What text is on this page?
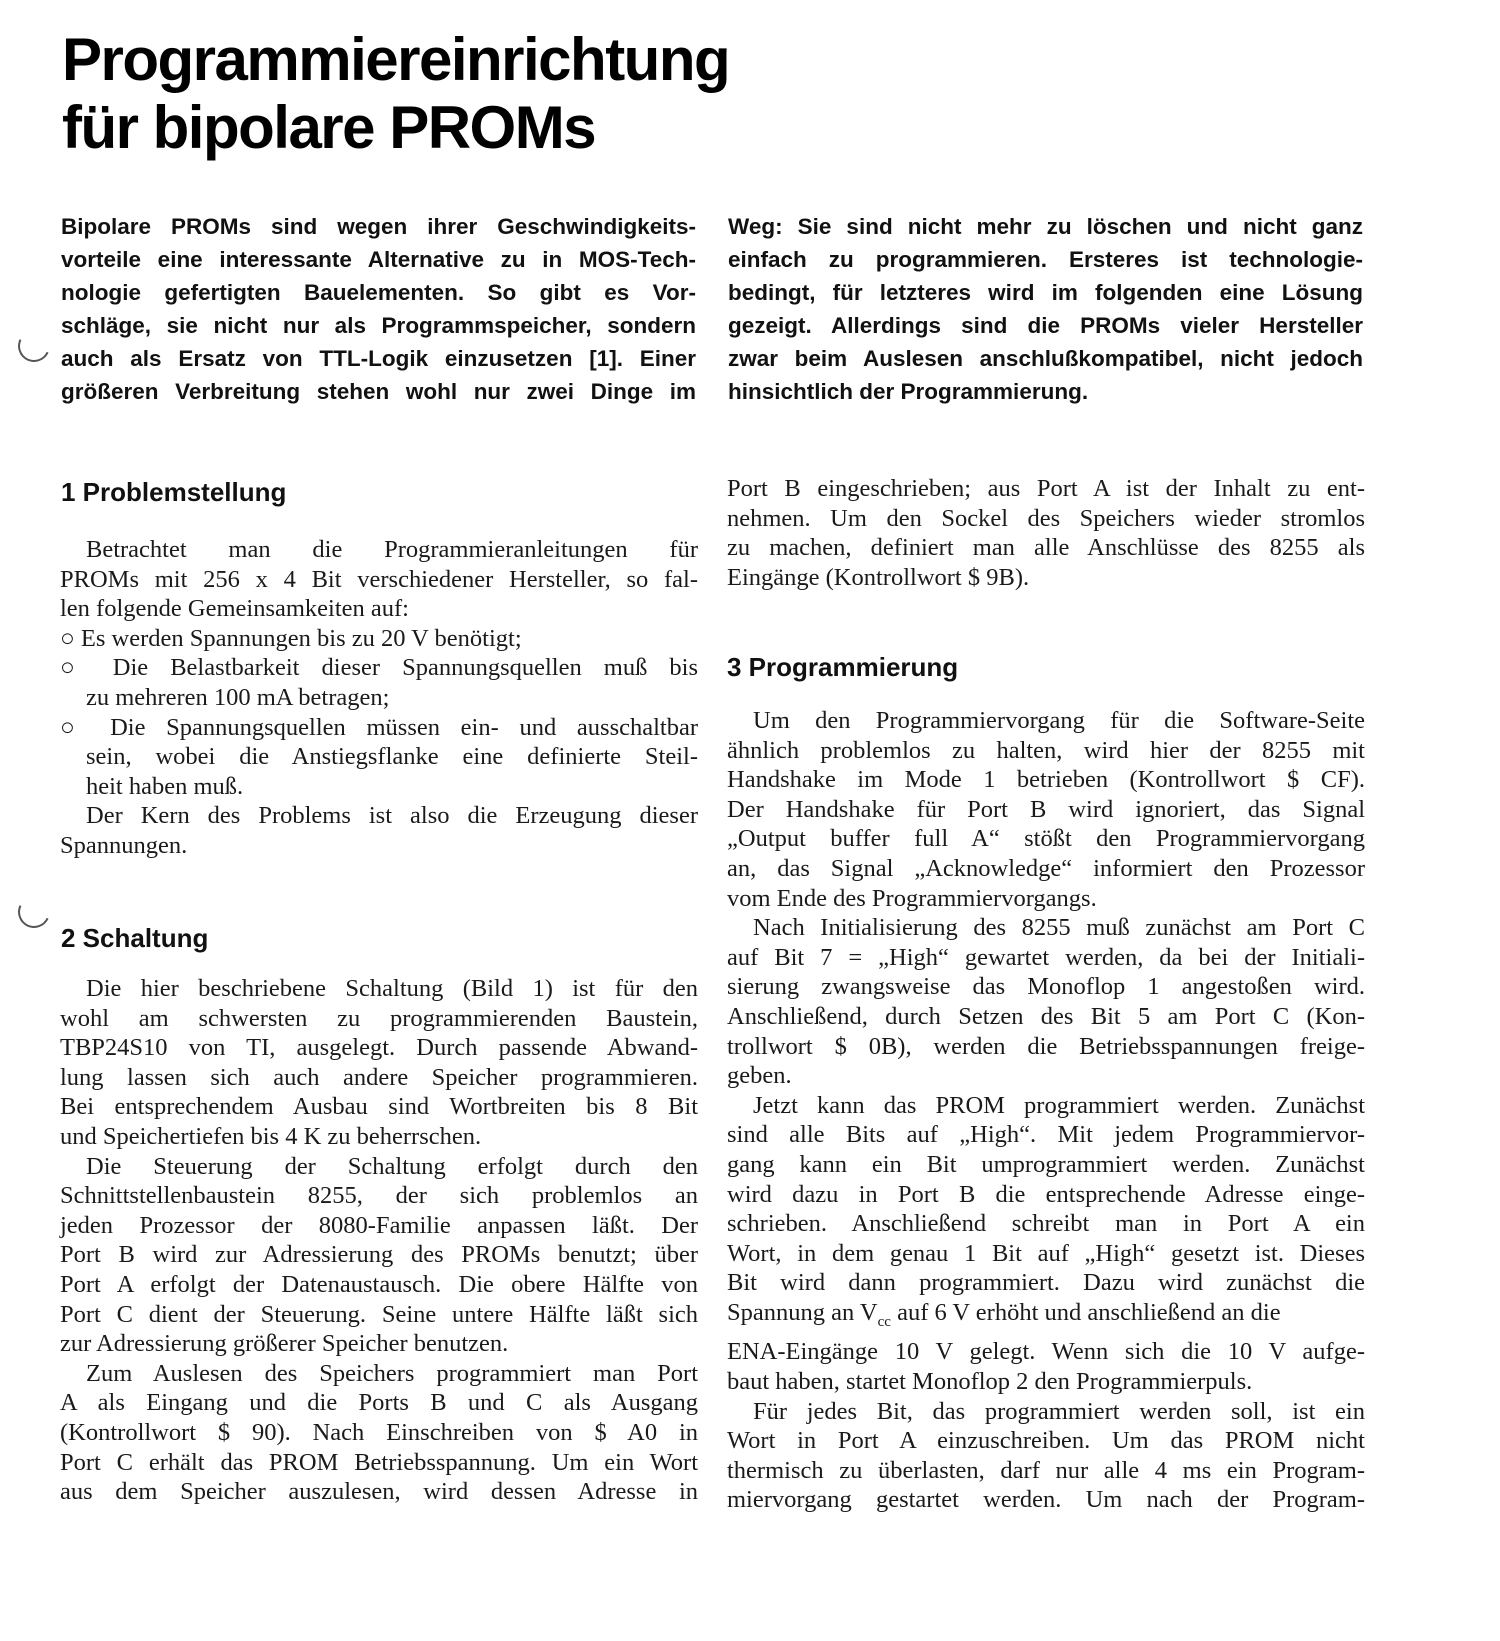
Programmiereinrichtung
für bipolare PROMs
Bipolare PROMs sind wegen ihrer Geschwindigkeits-
vorteile eine interessante Alternative zu in MOS-Tech-
nologie gefertigten Bauelementen. So gibt es Vor-
schläge, sie nicht nur als Programmspeicher, sondern
auch als Ersatz von TTL-Logik einzusetzen [1]. Einer
größeren Verbreitung stehen wohl nur zwei Dinge im
Weg: Sie sind nicht mehr zu löschen und nicht ganz
einfach zu programmieren. Ersteres ist technologie-
bedingt, für letzteres wird im folgenden eine Lösung
gezeigt. Allerdings sind die PROMs vieler Hersteller
zwar beim Auslesen anschlußkompatibel, nicht jedoch
hinsichtlich der Programmierung.
1 Problemstellung
Betrachtet man die Programmieranleitungen für
PROMs mit 256 x 4 Bit verschiedener Hersteller, so fal-
len folgende Gemeinsamkeiten auf:
○ Es werden Spannungen bis zu 20 V benötigt;
○ Die Belastbarkeit dieser Spannungsquellen muß bis
zu mehreren 100 mA betragen;
○ Die Spannungsquellen müssen ein- und ausschaltbar
sein, wobei die Anstiegsflanke eine definierte Steil-
heit haben muß.
Der Kern des Problems ist also die Erzeugung dieser
Spannungen.
2 Schaltung
Die hier beschriebene Schaltung (Bild 1) ist für den
wohl am schwersten zu programmierenden Baustein,
TBP24S10 von TI, ausgelegt. Durch passende Abwand-
lung lassen sich auch andere Speicher programmieren.
Bei entsprechendem Ausbau sind Wortbreiten bis 8 Bit
und Speichertiefen bis 4 K zu beherrschen.
Die Steuerung der Schaltung erfolgt durch den
Schnittstellenbaustein 8255, der sich problemlos an
jeden Prozessor der 8080-Familie anpassen läßt. Der
Port B wird zur Adressierung des PROMs benutzt; über
Port A erfolgt der Datenaustausch. Die obere Hälfte von
Port C dient der Steuerung. Seine untere Hälfte läßt sich
zur Adressierung größerer Speicher benutzen.
Zum Auslesen des Speichers programmiert man Port
A als Eingang und die Ports B und C als Ausgang
(Kontrollwort $ 90). Nach Einschreiben von $ A0 in
Port C erhält das PROM Betriebsspannung. Um ein Wort
aus dem Speicher auszulesen, wird dessen Adresse in
Port B eingeschrieben; aus Port A ist der Inhalt zu ent-
nehmen. Um den Sockel des Speichers wieder stromlos
zu machen, definiert man alle Anschlüsse des 8255 als
Eingänge (Kontrollwort $ 9B).
3 Programmierung
Um den Programmiervorgang für die Software-Seite
ähnlich problemlos zu halten, wird hier der 8255 mit
Handshake im Mode 1 betrieben (Kontrollwort $ CF).
Der Handshake für Port B wird ignoriert, das Signal
„Output buffer full A“ stößt den Programmiervorgang
an, das Signal „Acknowledge“ informiert den Prozessor
vom Ende des Programmiervorgangs.
Nach Initialisierung des 8255 muß zunächst am Port C
auf Bit 7 = „High“ gewartet werden, da bei der Initiali-
sierung zwangsweise das Monoflop 1 angestoßen wird.
Anschließend, durch Setzen des Bit 5 am Port C (Kon-
trollwort $ 0B), werden die Betriebsspannungen freige-
geben.
Jetzt kann das PROM programmiert werden. Zunächst
sind alle Bits auf „High“. Mit jedem Programmiervor-
gang kann ein Bit umprogrammiert werden. Zunächst
wird dazu in Port B die entsprechende Adresse einge-
schrieben. Anschließend schreibt man in Port A ein
Wort, in dem genau 1 Bit auf „High“ gesetzt ist. Dieses
Bit wird dann programmiert. Dazu wird zunächst die
Spannung an $V_{cc}$ auf 6 V erhöht und anschließend an die
ENA-Eingänge 10 V gelegt. Wenn sich die 10 V aufge-
baut haben, startet Monoflop 2 den Programmierpuls.
Für jedes Bit, das programmiert werden soll, ist ein
Wort in Port A einzuschreiben. Um das PROM nicht
thermisch zu überlasten, darf nur alle 4 ms ein Program-
miervorgang gestartet werden. Um nach der Program-
